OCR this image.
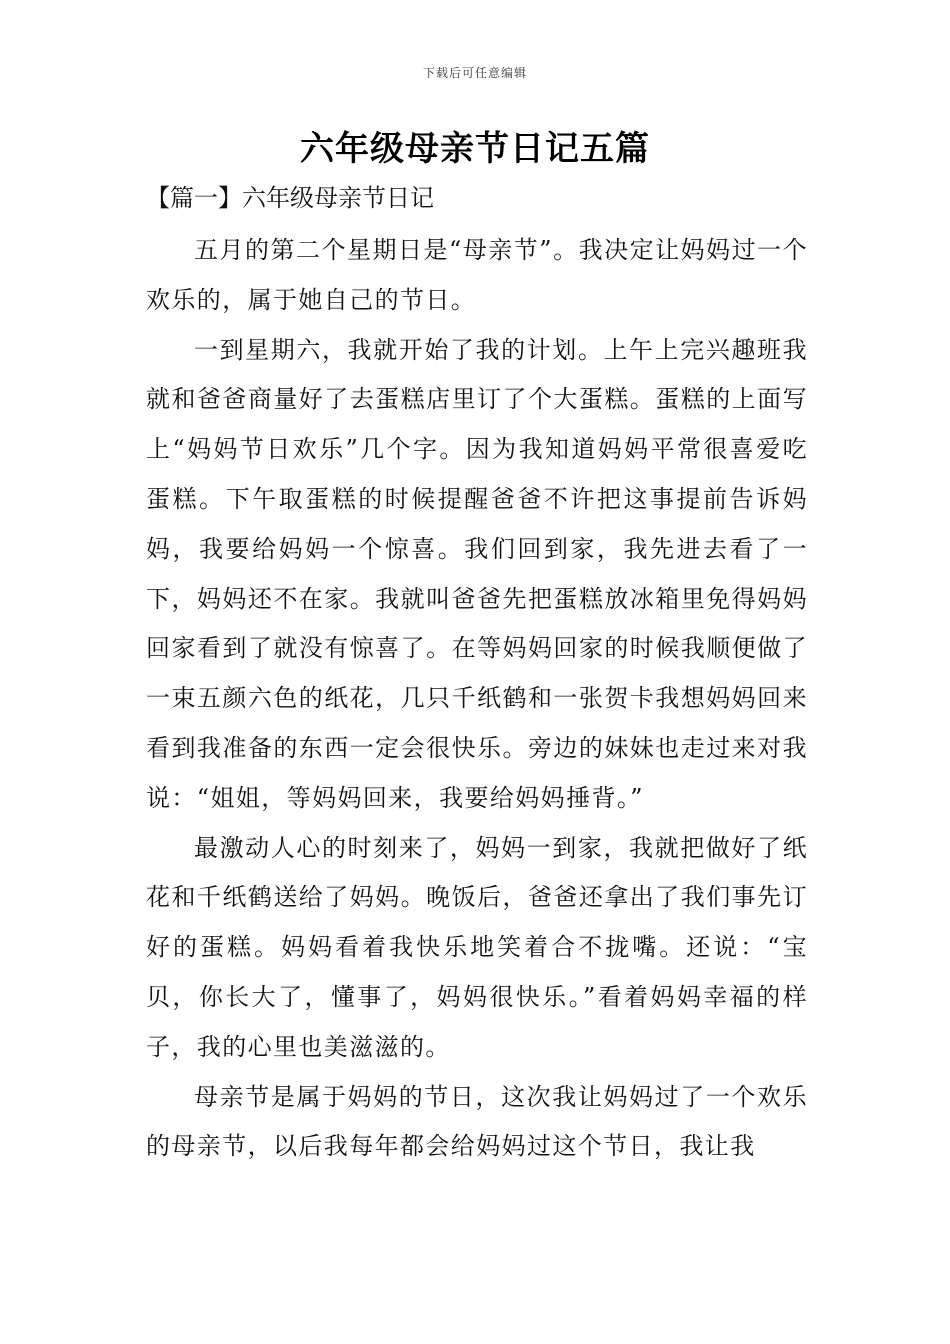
下载后可任意编辑
六年级母亲节日记五篇
【篇一】六年级母亲节日记

五月的第二个星期日是“母亲节”。我决定让妈妈过一个欢乐的，属于她自己的节日。

一到星期六，我就开始了我的计划。上午上完兴趣班我就和爸爸商量好了去蛋糕店里订了个大蛋糕。蛋糕的上面写上“妈妈节日欢乐”几个字。因为我知道妈妈平常很喜爱吃蛋糕。下午取蛋糕的时候提醒爸爸不许把这事提前告诉妈妈，我要给妈妈一个惊喜。我们回到家，我先进去看了一下，妈妈还不在家。我就叫爸爸先把蛋糕放冰箱里免得妈妈回家看到了就没有惊喜了。在等妈妈回家的时候我顺便做了一束五颜六色的纸花，几只千纸鹤和一张贺卡我想妈妈回来看到我准备的东西一定会很快乐。旁边的妹妹也走过来对我说：“姐姐，等妈妈回来，我要给妈妈捶背。”

最激动人心的时刻来了，妈妈一到家，我就把做好了纸花和千纸鹤送给了妈妈。晚饭后，爸爸还拿出了我们事先订好的蛋糕。妈妈看着我快乐地笑着合不拢嘴。还说：“宝贝，你长大了，懂事了，妈妈很快乐。”看着妈妈幸福的样子，我的心里也美滋滋的。

母亲节是属于妈妈的节日，这次我让妈妈过了一个欢乐的母亲节，以后我每年都会给妈妈过这个节日，我让我
